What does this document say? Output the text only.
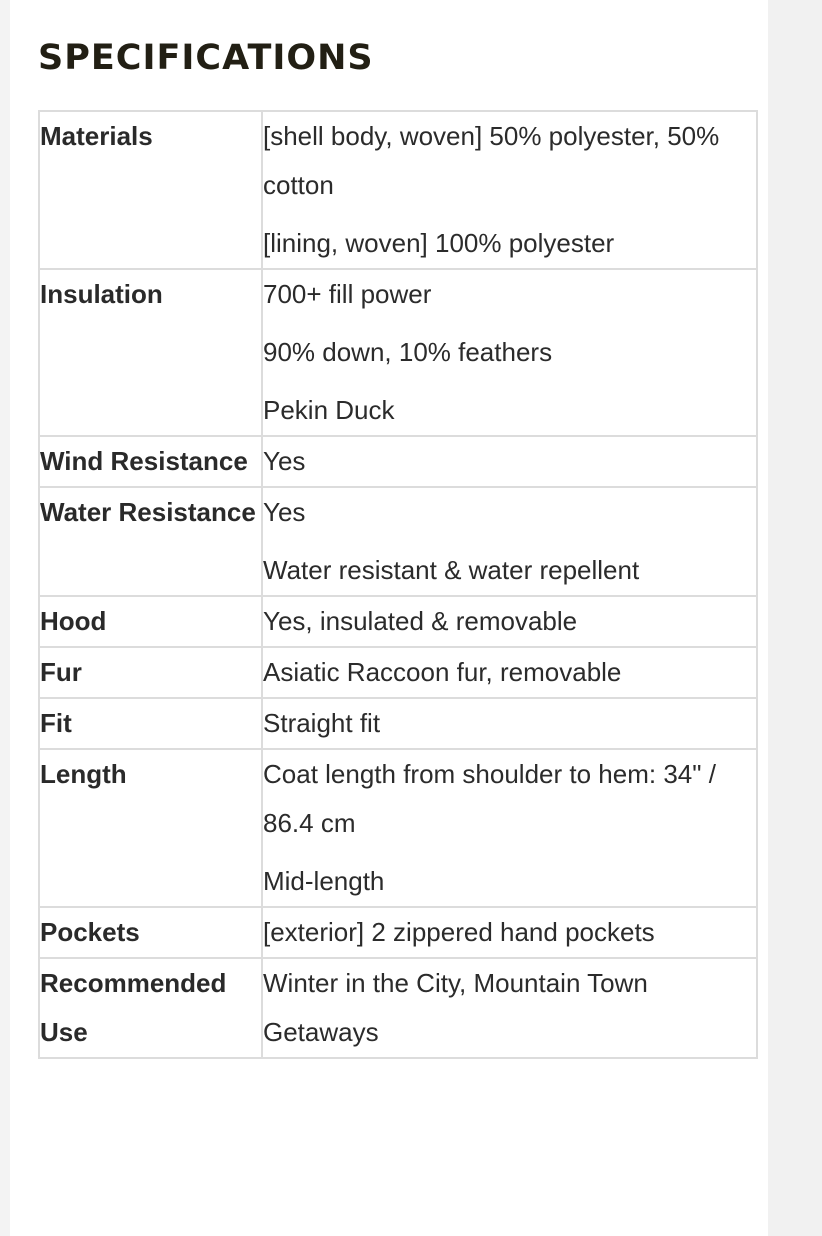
SPECIFICATIONS
Materials	[shell body, woven] 50% polyester, 50% cotton
[lining, woven] 100% polyester

Insulation	700+ fill power
90% down, 10% feathers
Pekin Duck

Wind Resistance	Yes

Water Resistance	Yes
Water resistant & water repellent

Hood	Yes, insulated & removable

Fur	Asiatic Raccoon fur, removable

Fit	Straight fit

Length	Coat length from shoulder to hem: 34" / 86.4 cm
Mid-length

Pockets	[exterior] 2 zippered hand pockets

Recommended Use	Winter in the City, Mountain Town Getaways
